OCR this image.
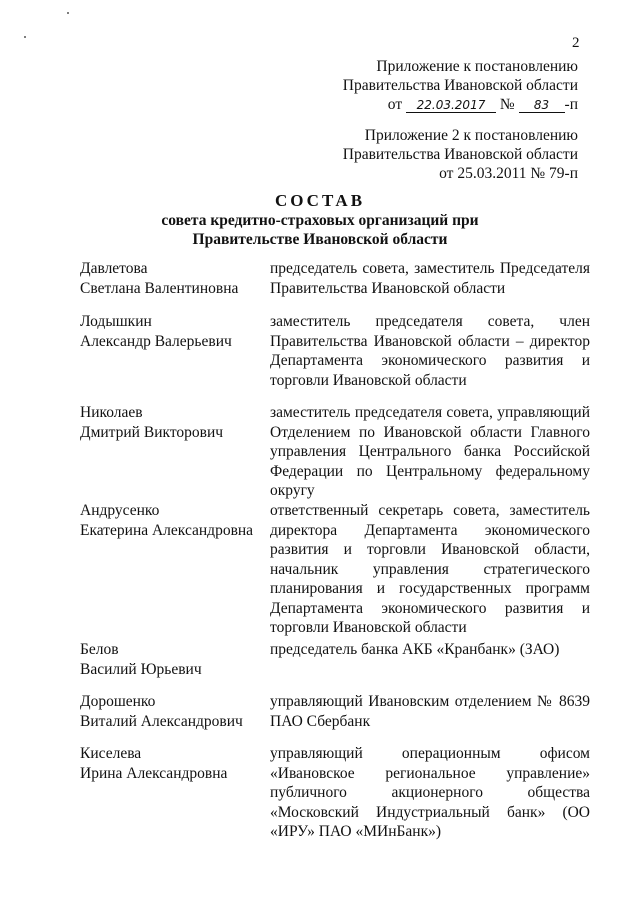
2
Приложение к постановлению
Правительства Ивановской области
от 22.03.2017 № 83 -п
Приложение 2 к постановлению
Правительства Ивановской области
от 25.03.2011 № 79-п
СОСТАВ
совета кредитно-страховых организаций при Правительстве Ивановской области
Давлетова
Светлана Валентиновна
председатель совета, заместитель Председателя Правительства Ивановской области
Лодышкин
Александр Валерьевич
заместитель председателя совета, член Правительства Ивановской области – директор Департамента экономического развития и торговли Ивановской области
Николаев
Дмитрий Викторович
заместитель председателя совета, управляющий Отделением по Ивановской области Главного управления Центрального банка Российской Федерации по Центральному федеральному округу
Андрусенко
Екатерина Александровна
ответственный секретарь совета, заместитель директора Департамента экономического развития и торговли Ивановской области, начальник управления стратегического планирования и государственных программ Департамента экономического развития и торговли Ивановской области
Белов
Василий Юрьевич
председатель банка АКБ «Кранбанк» (ЗАО)
Дорошенко
Виталий Александрович
управляющий Ивановским отделением № 8639 ПАО Сбербанк
Киселева
Ирина Александровна
управляющий операционным офисом «Ивановское региональное управление» публичного акционерного общества «Московский Индустриальный банк» (ОО «ИРУ» ПАО «МИнБанк»)
